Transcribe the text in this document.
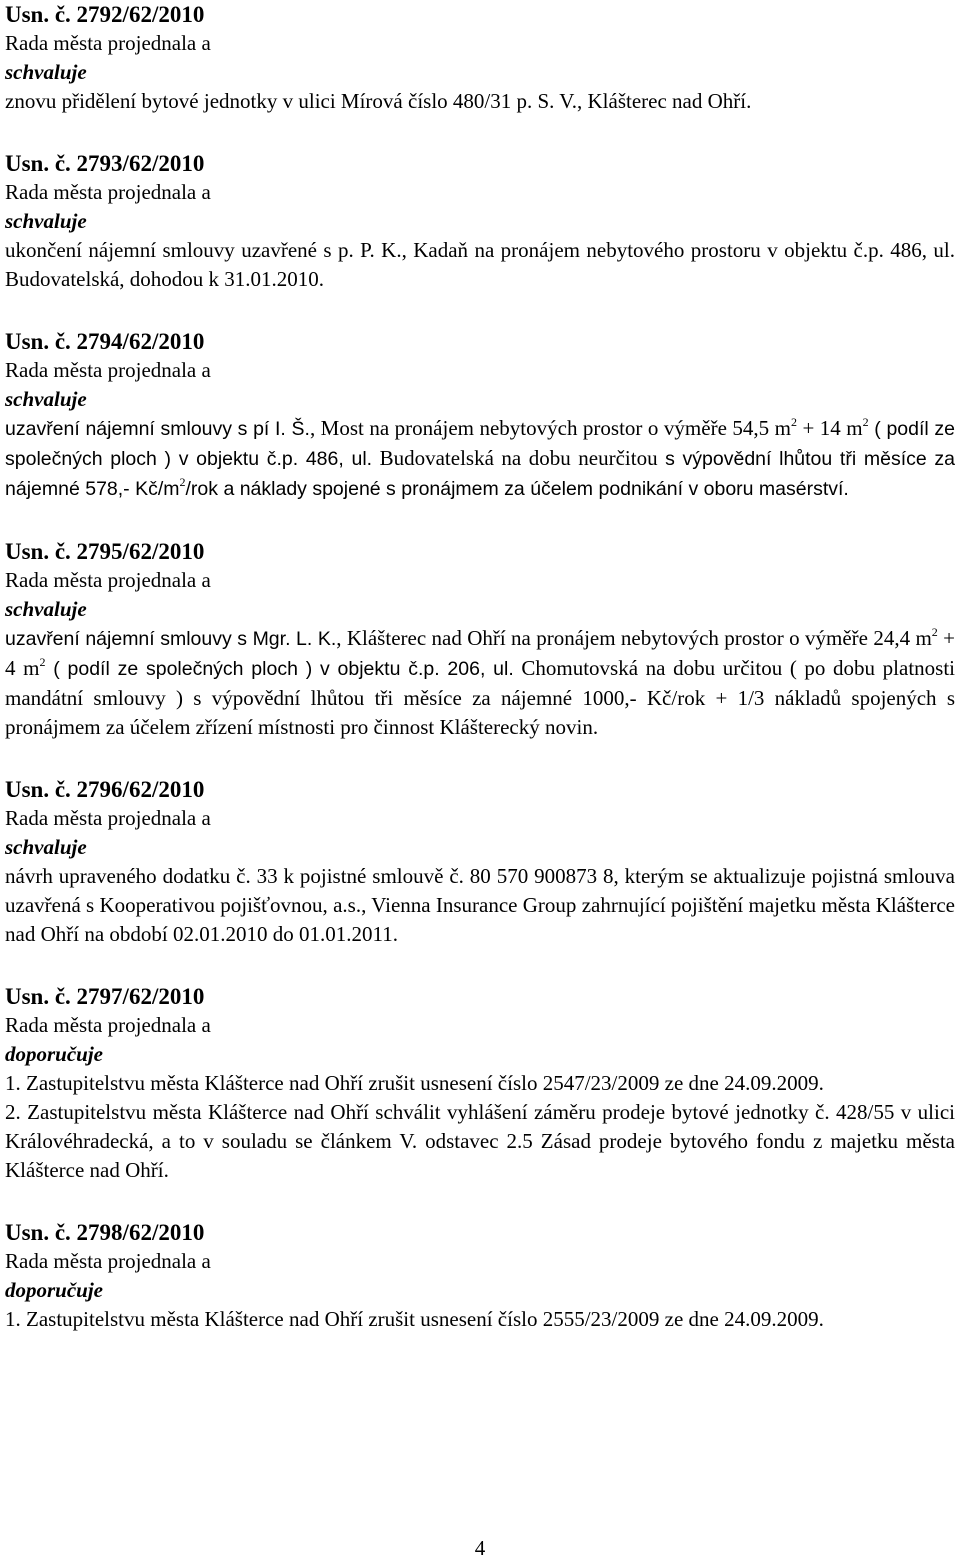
Usn. č. 2792/62/2010
Rada města projednala a
schvaluje

znovu přidělení bytové jednotky v ulici Mírová číslo 480/31 p. S. V., Klášterec nad Ohří.

Usn. č. 2793/62/2010
Rada města projednala a
schvaluje

ukončení nájemní smlouvy uzavřené s p. P. K., Kadaň na pronájem nebytového prostoru v objektu č.p. 486, ul. Budovatelská, dohodou k 31.01.2010.

Usn. č. 2794/62/2010
Rada města projednala a
schvaluje

uzavření nájemní smlouvy s pí I. Š., Most na pronájem nebytových prostor o výměře 54,5 $m^2 + 14$ $m^2$ ( podíl ze společných ploch ) v objektu č.p. 486, ul. Budovatelská na dobu neurčitou s výpovědní lhůtou tři měsíce za nájemné 578,- $Kč/m^2$/rok a náklady spojené s pronájmem za účelem podnikání v oboru masérství.

Usn. č. 2795/62/2010
Rada města projednala a
schvaluje

uzavření nájemní smlouvy s Mgr. L. K., Klášterec nad Ohří na pronájem nebytových prostor o výměře 24,4 $m^2 + 4$ $m^2$ ( podíl ze společných ploch ) v objektu č.p. 206, ul. Chomutovská na dobu určitou ( po dobu platnosti mandátní smlouvy ) s výpovědní lhůtou tři měsíce za nájemné 1000,- Kč/rok + 1/3 nákladů spojených s pronájmem za účelem zřízení místnosti pro činnost Klášterecký novin.

Usn. č. 2796/62/2010
Rada města projednala a
schvaluje

návrh upraveného dodatku č. 33 k pojistné smlouvě č. 80 570 900873 8, kterým se aktualizuje pojistná smlouva uzavřená s Kooperativou pojišťovnou, a.s., Vienna Insurance Group zahrnující pojištění majetku města Klášterce nad Ohří na období 02.01.2010 do 01.01.2011.

Usn. č. 2797/62/2010
Rada města projednala a
doporučuje

1. Zastupitelstvu města Klášterce nad Ohří zrušit usnesení číslo 2547/23/2009 ze dne 24.09.2009.

2. Zastupitelstvu města Klášterce nad Ohří schválit vyhlášení záměru prodeje bytové jednotky č. 428/55 v ulici Královéhradecká, a to v souladu se článkem V. odstavec 2.5 Zásad prodeje bytového fondu z majetku města Klášterce nad Ohří.

Usn. č. 2798/62/2010
Rada města projednala a
doporučuje

1. Zastupitelstvu města Klášterce nad Ohří zrušit usnesení číslo 2555/23/2009 ze dne 24.09.2009.

4
